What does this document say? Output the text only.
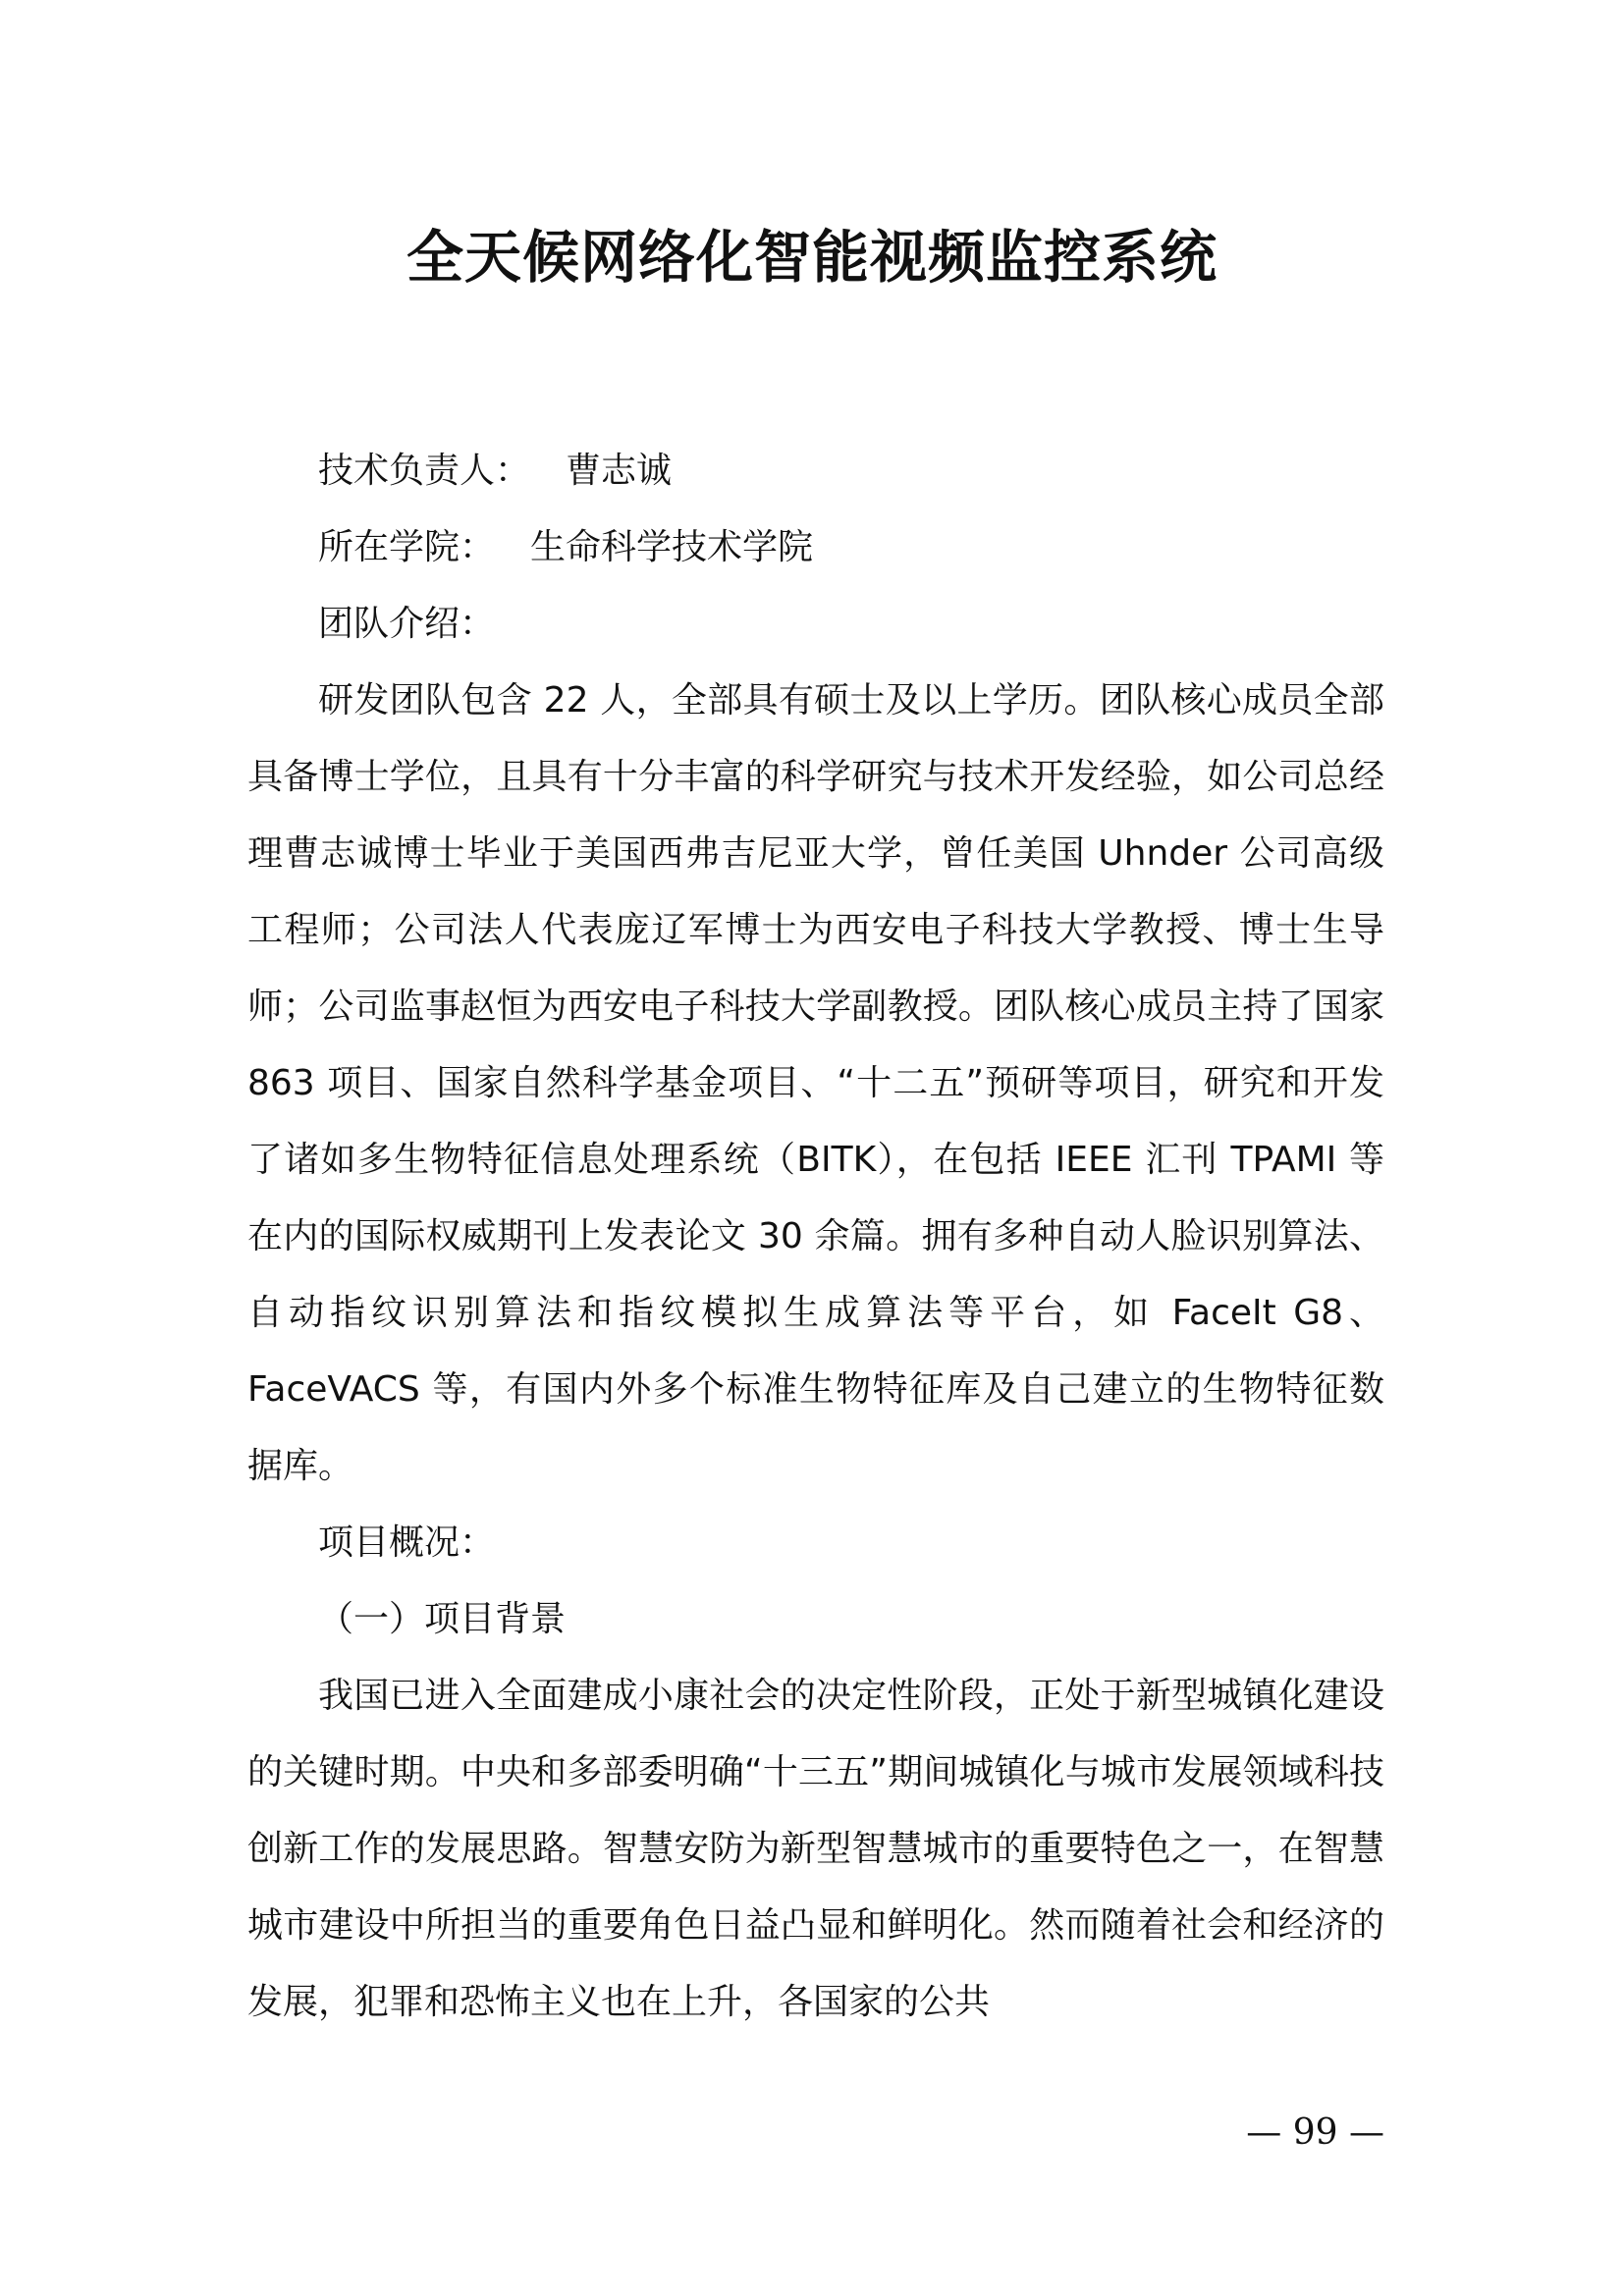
全天候网络化智能视频监控系统

技术负责人： 曹志诚

所在学院： 生命科学技术学院

团队介绍：

研发团队包含 22 人，全部具有硕士及以上学历。团队核心成员全部具备博士学位，且具有十分丰富的科学研究与技术开发经验，如公司总经理曹志诚博士毕业于美国西弗吉尼亚大学，曾任美国 Uhnder 公司高级工程师；公司法人代表庞辽军博士为西安电子科技大学教授、博士生导师；公司监事赵恒为西安电子科技大学副教授。团队核心成员主持了国家 863 项目、国家自然科学基金项目、“十二五”预研等项目，研究和开发了诸如多生物特征信息处理系统（BITK），在包括 IEEE 汇刊 TPAMI 等在内的国际权威期刊上发表论文 30 余篇。拥有多种自动人脸识别算法、自动指纹识别算法和指纹模拟生成算法等平台，如 FaceIt G8、FaceVACS 等，有国内外多个标准生物特征库及自己建立的生物特征数据库。

项目概况：

（一）项目背景

我国已进入全面建成小康社会的决定性阶段，正处于新型城镇化建设的关键时期。中央和多部委明确“十三五”期间城镇化与城市发展领域科技创新工作的发展思路。智慧安防为新型智慧城市的重要特色之一，在智慧城市建设中所担当的重要角色日益凸显和鲜明化。然而随着社会和经济的发展，犯罪和恐怖主义也在上升，各国家的公共

— 99 —
